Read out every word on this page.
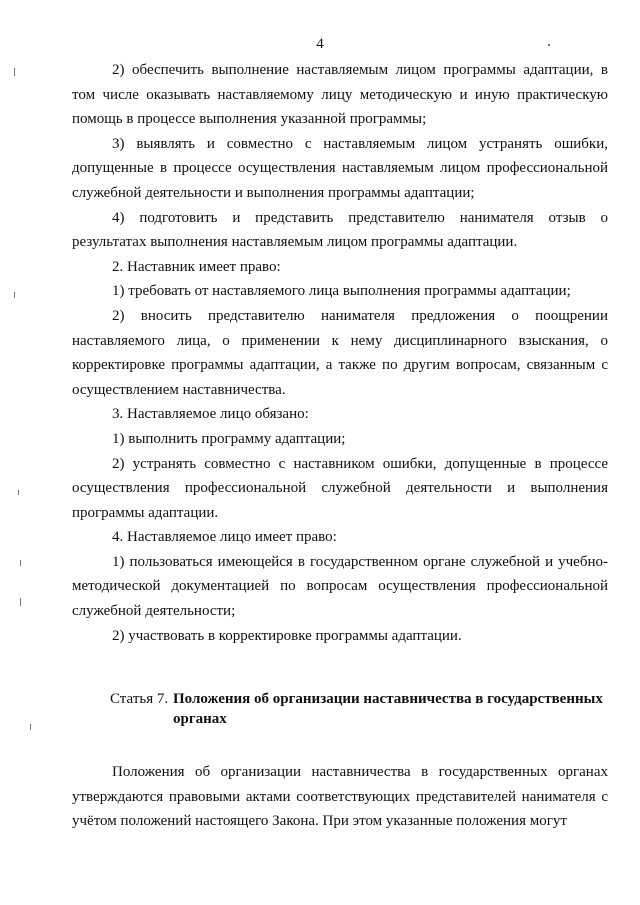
4

2) обеспечить выполнение наставляемым лицом программы адаптации, в том числе оказывать наставляемому лицу методическую и иную практическую помощь в процессе выполнения указанной программы;

3) выявлять и совместно с наставляемым лицом устранять ошибки, допущенные в процессе осуществления наставляемым лицом профессиональной служебной деятельности и выполнения программы адаптации;

4) подготовить и представить представителю нанимателя отзыв о результатах выполнения наставляемым лицом программы адаптации.

2. Наставник имеет право:

1) требовать от наставляемого лица выполнения программы адаптации;

2) вносить представителю нанимателя предложения о поощрении наставляемого лица, о применении к нему дисциплинарного взыскания, о корректировке программы адаптации, а также по другим вопросам, связанным с осуществлением наставничества.

3. Наставляемое лицо обязано:

1) выполнить программу адаптации;

2) устранять совместно с наставником ошибки, допущенные в процессе осуществления профессиональной служебной деятельности и выполнения программы адаптации.

4. Наставляемое лицо имеет право:

1) пользоваться имеющейся в государственном органе служебной и учебно-методической документацией по вопросам осуществления профессиональной служебной деятельности;

2) участвовать в корректировке программы адаптации.

Статья 7. Положения об организации наставничества в государственных
органах

Положения об организации наставничества в государственных органах утверждаются правовыми актами соответствующих представителей нанимателя с учётом положений настоящего Закона. При этом указанные положения могут
